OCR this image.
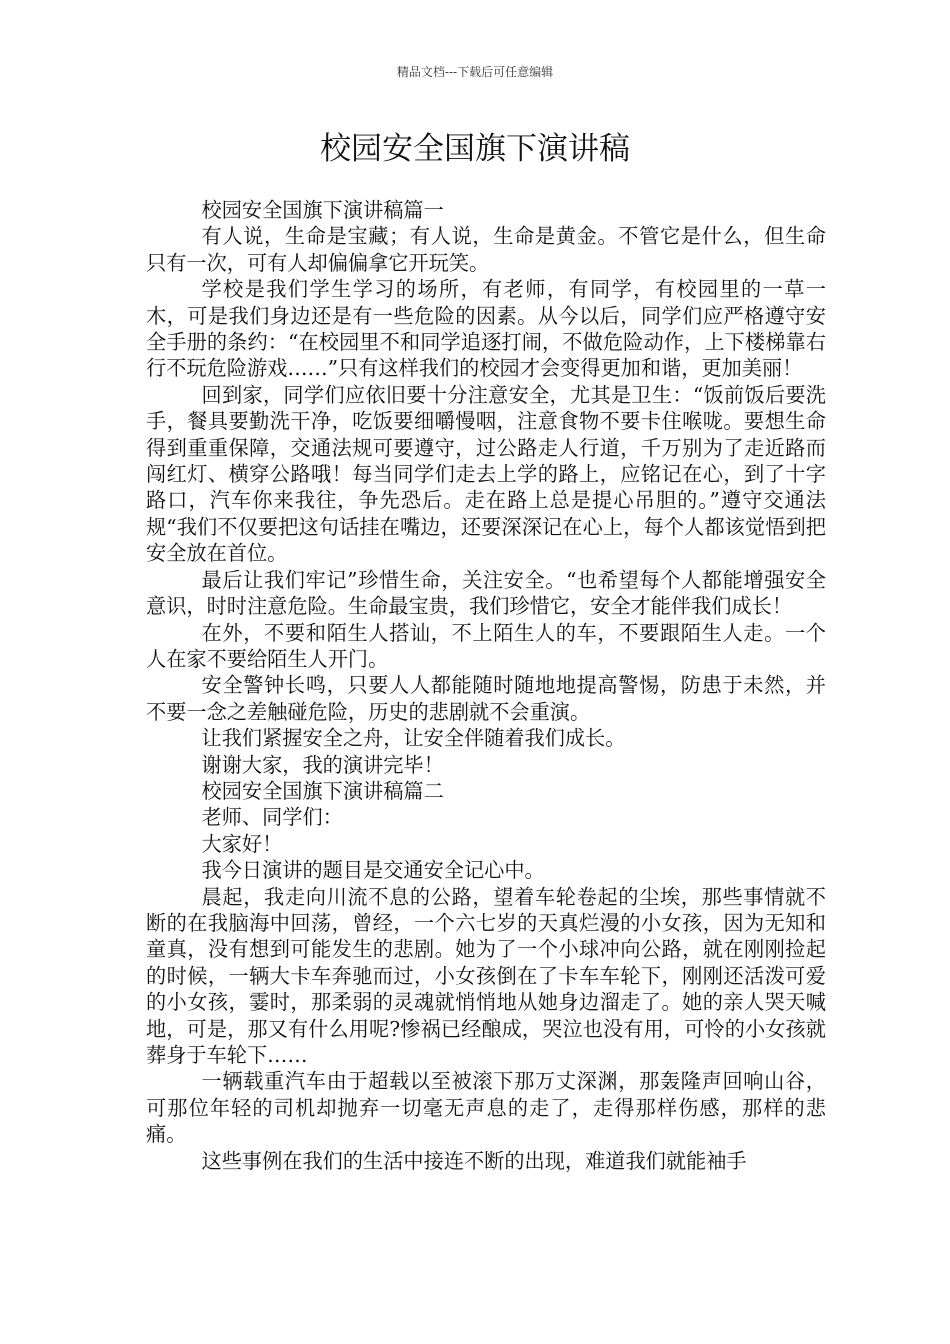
精品文档---下载后可任意编辑
校园安全国旗下演讲稿

校园安全国旗下演讲稿篇一

有人说，生命是宝藏；有人说，生命是黄金。不管它是什么，但生命只有一次，可有人却偏偏拿它开玩笑。

学校是我们学生学习的场所，有老师，有同学，有校园里的一草一木，可是我们身边还是有一些危险的因素。从今以后，同学们应严格遵守安全手册的条约：“在校园里不和同学追逐打闹，不做危险动作，上下楼梯靠右行不玩危险游戏……”只有这样我们的校园才会变得更加和谐，更加美丽！

回到家，同学们应依旧要十分注意安全，尤其是卫生：“饭前饭后要洗手，餐具要勤洗干净，吃饭要细嚼慢咽，注意食物不要卡住喉咙。要想生命得到重重保障，交通法规可要遵守，过公路走人行道，千万别为了走近路而闯红灯、横穿公路哦！每当同学们走去上学的路上，应铭记在心，到了十字路口，汽车你来我往，争先恐后。走在路上总是提心吊胆的。”遵守交通法规“我们不仅要把这句话挂在嘴边，还要深深记在心上，每个人都该觉悟到把安全放在首位。

最后让我们牢记”珍惜生命，关注安全。“也希望每个人都能增强安全意识，时时注意危险。生命最宝贵，我们珍惜它，安全才能伴我们成长！

在外，不要和陌生人搭讪，不上陌生人的车，不要跟陌生人走。一个人在家不要给陌生人开门。

安全警钟长鸣，只要人人都能随时随地地提高警惕，防患于未然，并不要一念之差触碰危险，历史的悲剧就不会重演。

让我们紧握安全之舟，让安全伴随着我们成长。

谢谢大家，我的演讲完毕！

校园安全国旗下演讲稿篇二

老师、同学们：

大家好！

我今日演讲的题目是交通安全记心中。

晨起，我走向川流不息的公路，望着车轮卷起的尘埃，那些事情就不断的在我脑海中回荡，曾经，一个六七岁的天真烂漫的小女孩，因为无知和童真，没有想到可能发生的悲剧。她为了一个小球冲向公路，就在刚刚捡起的时候，一辆大卡车奔驰而过，小女孩倒在了卡车车轮下，刚刚还活泼可爱的小女孩，霎时，那柔弱的灵魂就悄悄地从她身边溜走了。她的亲人哭天喊地，可是，那又有什么用呢?惨祸已经酿成，哭泣也没有用，可怜的小女孩就葬身于车轮下……

一辆载重汽车由于超载以至被滚下那万丈深渊，那轰隆声回响山谷，可那位年轻的司机却抛弃一切毫无声息的走了，走得那样伤感，那样的悲痛。

这些事例在我们的生活中接连不断的出现，难道我们就能袖手
